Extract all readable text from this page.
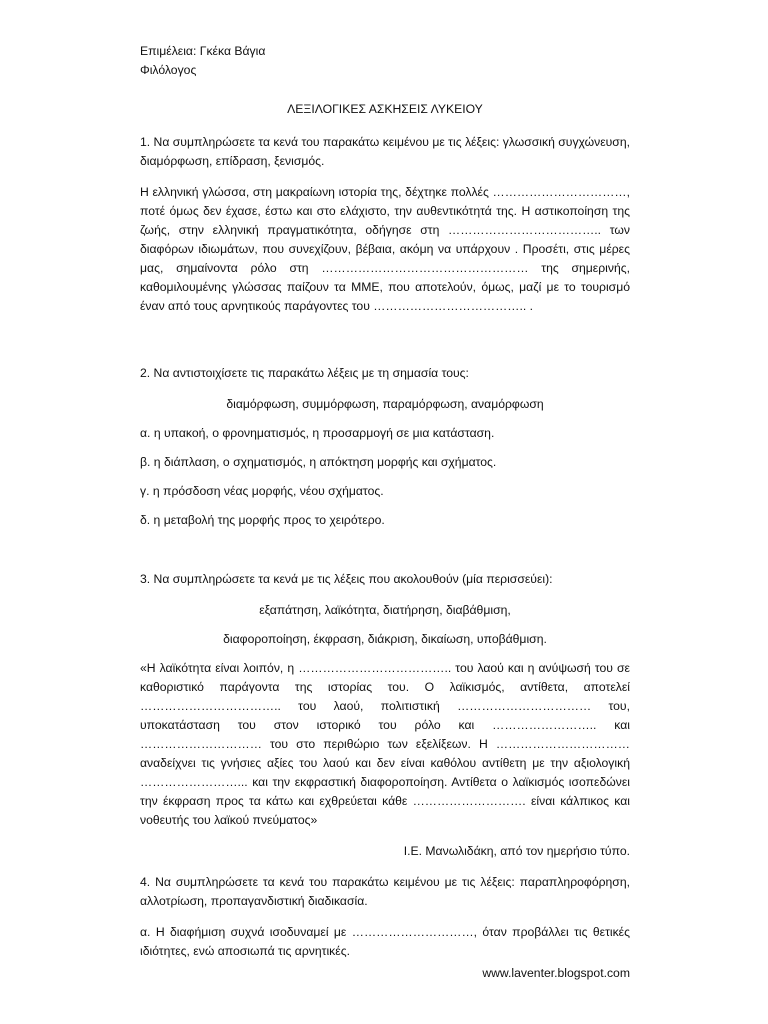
Επιμέλεια: Γκέκα Βάγια

Φιλόλογος

ΛΕΞΙΛΟΓΙΚΕΣ ΑΣΚΗΣΕΙΣ ΛΥΚΕΙΟΥ

1. Να συμπληρώσετε τα κενά του παρακάτω κειμένου με τις λέξεις: γλωσσική συγχώνευση, διαμόρφωση, επίδραση, ξενισμός.

Η ελληνική γλώσσα, στη μακραίωνη ιστορία της, δέχτηκε πολλές ……………………………, ποτέ όμως δεν έχασε, έστω και στο ελάχιστο, την αυθεντικότητά της. Η αστικοποίηση της ζωής, στην ελληνική πραγματικότητα, οδήγησε στη ……………………………….. των διαφόρων ιδιωμάτων, που συνεχίζουν, βέβαια, ακόμη να υπάρχουν . Προσέτι, στις μέρες μας, σημαίνοντα ρόλο στη …………………………………………… της σημερινής, καθομιλουμένης γλώσσας παίζουν τα ΜΜΕ, που αποτελούν, όμως, μαζί με το τουρισμό έναν από τους αρνητικούς παράγοντες του ……………………………….. .

2. Να αντιστοιχίσετε τις παρακάτω λέξεις με τη σημασία τους:

διαμόρφωση, συμμόρφωση, παραμόρφωση, αναμόρφωση

α. η υπακοή, ο φρονηματισμός, η προσαρμογή σε μια κατάσταση.

β. η διάπλαση, ο σχηματισμός, η απόκτηση μορφής και σχήματος.

γ. η πρόσδοση νέας μορφής, νέου σχήματος.

δ. η μεταβολή της μορφής προς το χειρότερο.

3. Να συμπληρώσετε τα κενά με τις λέξεις που ακολουθούν (μία περισσεύει):

εξαπάτηση, λαϊκότητα, διατήρηση, διαβάθμιση,

διαφοροποίηση, έκφραση, διάκριση, δικαίωση, υποβάθμιση.

«Η λαϊκότητα είναι λοιπόν, η ……………………………….. του λαού και η ανύψωσή του σε καθοριστικό παράγοντα της ιστορίας του. Ο λαϊκισμός, αντίθετα, αποτελεί …………………………….. του λαού, πολιτιστική …………………………… του, υποκατάσταση του στον ιστορικό του ρόλο και …………………….. και ………………………… του στο περιθώριο των εξελίξεων. Η …………………………… αναδείχνει τις γνήσιες αξίες του λαού και δεν είναι καθόλου αντίθετη με την αξιολογική ……………………... και την εκφραστική διαφοροποίηση. Αντίθετα ο λαϊκισμός ισοπεδώνει την έκφραση προς τα κάτω και εχθρεύεται κάθε ………………………. είναι κάλπικος και νοθευτής του λαϊκού πνεύματος»

Ι.Ε. Μανωλιδάκη, από τον ημερήσιο τύπο.

4. Να συμπληρώσετε τα κενά του παρακάτω κειμένου με τις λέξεις: παραπληροφόρηση, αλλοτρίωση, προπαγανδιστική διαδικασία.

α. Η διαφήμιση συχνά ισοδυναμεί με …………………………, όταν προβάλλει τις θετικές ιδιότητες, ενώ αποσιωπά τις αρνητικές.

www.laventer.blogspot.com
